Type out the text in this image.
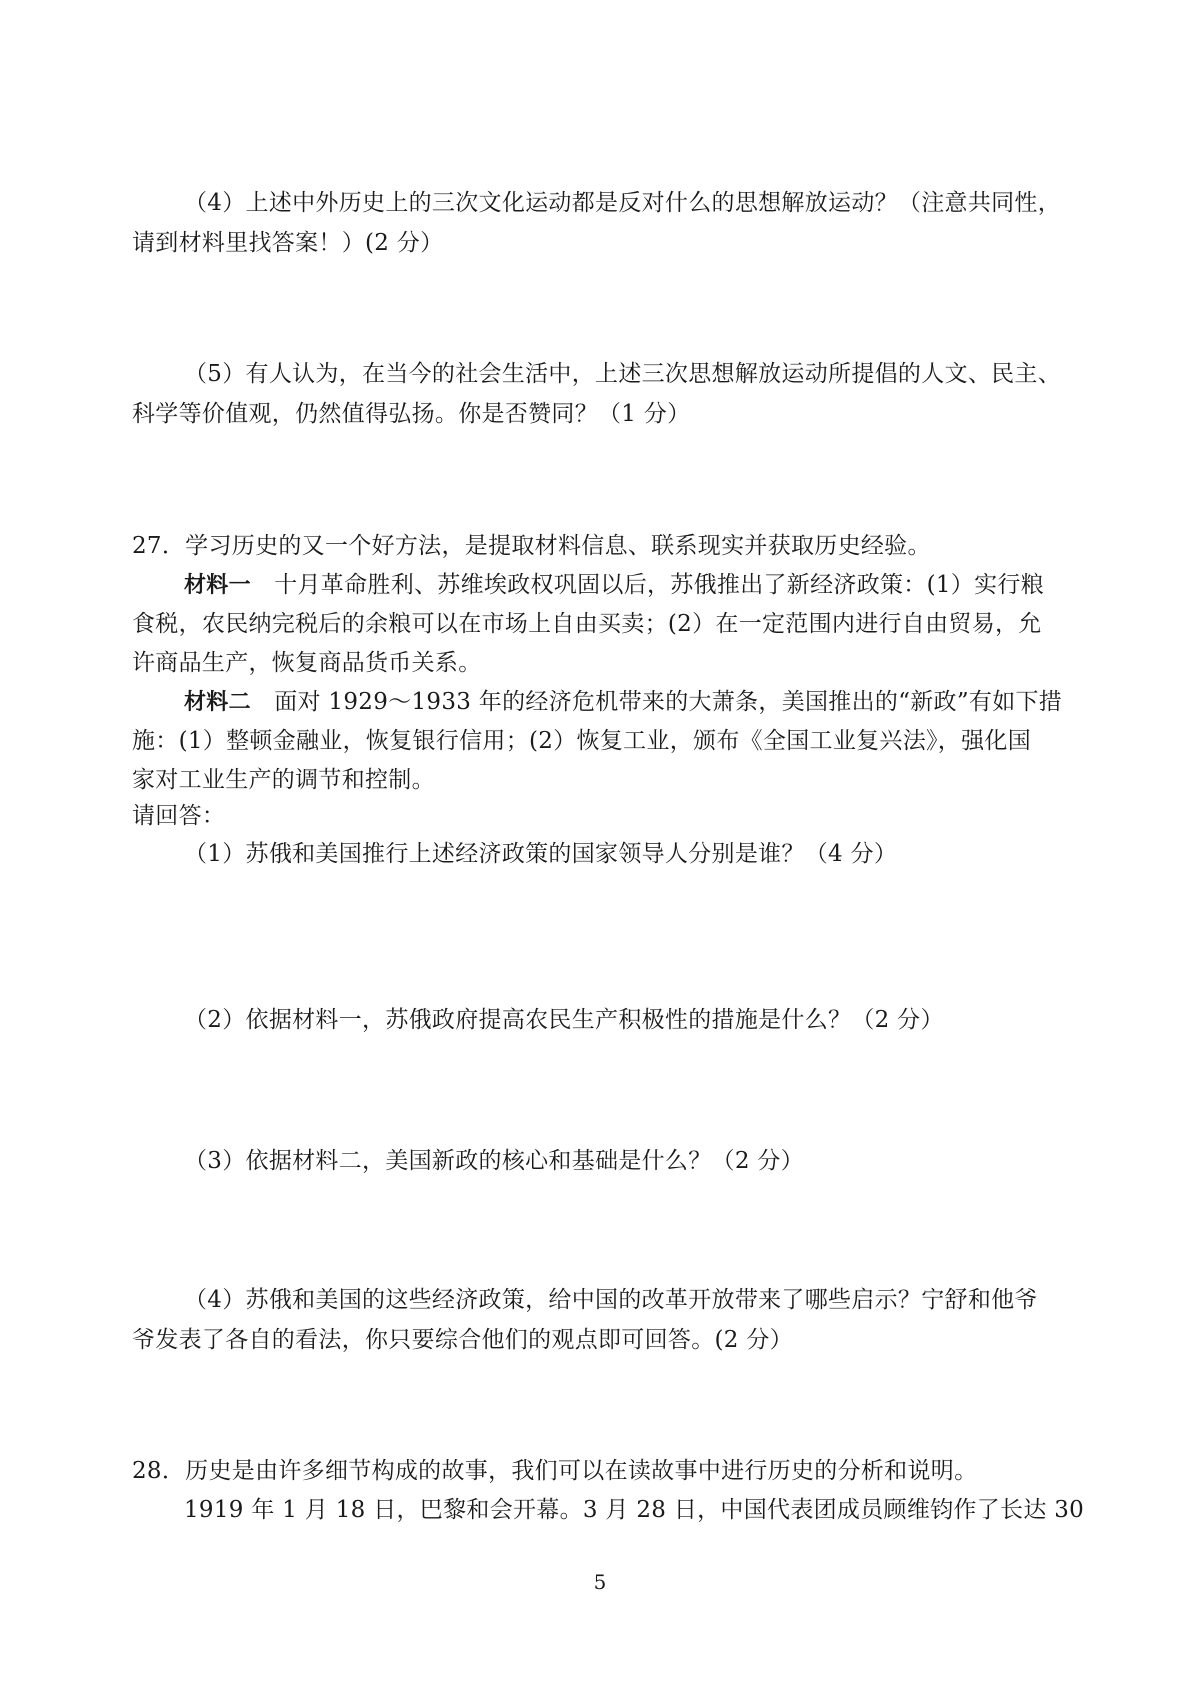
（4）上述中外历史上的三次文化运动都是反对什么的思想解放运动？（注意共同性，
请到材料里找答案！）(2 分）
（5）有人认为，在当今的社会生活中，上述三次思想解放运动所提倡的人文、民主、
科学等价值观，仍然值得弘扬。你是否赞同？（1 分）
27．学习历史的又一个好方法，是提取材料信息、联系现实并获取历史经验。
材料一　十月革命胜利、苏维埃政权巩固以后，苏俄推出了新经济政策：(1）实行粮
食税，农民纳完税后的余粮可以在市场上自由买卖；(2）在一定范围内进行自由贸易，允
许商品生产，恢复商品货币关系。
材料二　面对 1929～1933 年的经济危机带来的大萧条，美国推出的“新政”有如下措
施：(1）整顿金融业，恢复银行信用；(2）恢复工业，颁布《全国工业复兴法》，强化国
家对工业生产的调节和控制。
请回答：
（1）苏俄和美国推行上述经济政策的国家领导人分别是谁？（4 分）
（2）依据材料一，苏俄政府提高农民生产积极性的措施是什么？（2 分）
（3）依据材料二，美国新政的核心和基础是什么？（2 分）
（4）苏俄和美国的这些经济政策，给中国的改革开放带来了哪些启示？宁舒和他爷
爷发表了各自的看法，你只要综合他们的观点即可回答。(2 分）
28．历史是由许多细节构成的故事，我们可以在读故事中进行历史的分析和说明。
1919 年 1 月 18 日，巴黎和会开幕。3 月 28 日，中国代表团成员顾维钧作了长达 30
5
